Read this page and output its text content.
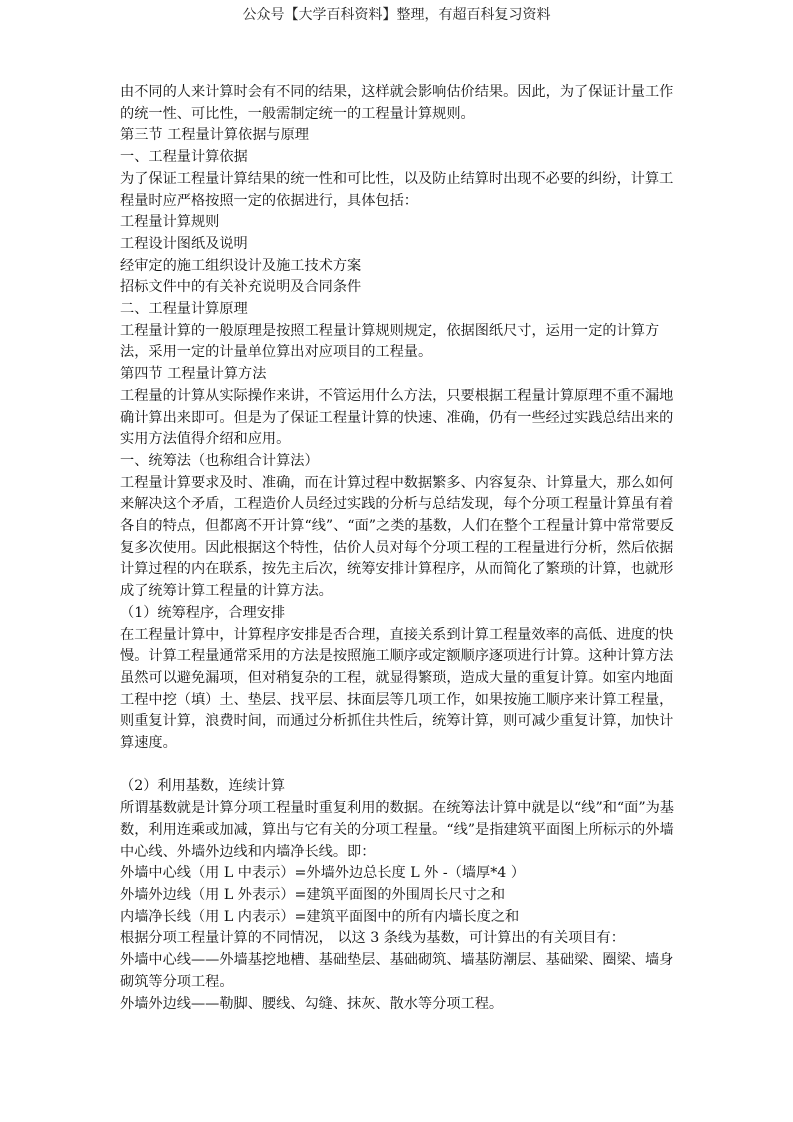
公众号【大学百科资料】整理，有超百科复习资料

由不同的人来计算时会有不同的结果，这样就会影响估价结果。因此，为了保证计量工作的统一性、可比性，一般需制定统一的工程量计算规则。

第三节 工程量计算依据与原理

一、工程量计算依据

为了保证工程量计算结果的统一性和可比性，以及防止结算时出现不必要的纠纷，计算工程量时应严格按照一定的依据进行，具体包括：

工程量计算规则

工程设计图纸及说明

经审定的施工组织设计及施工技术方案

招标文件中的有关补充说明及合同条件

二、工程量计算原理

工程量计算的一般原理是按照工程量计算规则规定，依据图纸尺寸，运用一定的计算方法，采用一定的计量单位算出对应项目的工程量。

第四节 工程量计算方法

工程量的计算从实际操作来讲，不管运用什么方法，只要根据工程量计算原理不重不漏地确计算出来即可。但是为了保证工程量计算的快速、准确，仍有一些经过实践总结出来的实用方法值得介绍和应用。

一、统筹法（也称组合计算法）

工程量计算要求及时、准确，而在计算过程中数据繁多、内容复杂、计算量大，那么如何来解决这个矛盾，工程造价人员经过实践的分析与总结发现，每个分项工程量计算虽有着各自的特点，但都离不开计算“线”、“面”之类的基数，人们在整个工程量计算中常常要反复多次使用。因此根据这个特性，估价人员对每个分项工程的工程量进行分析，然后依据计算过程的内在联系，按先主后次，统筹安排计算程序，从而简化了繁琐的计算，也就形成了统筹计算工程量的计算方法。

（1）统筹程序，合理安排

在工程量计算中，计算程序安排是否合理，直接关系到计算工程量效率的高低、进度的快慢。计算工程量通常采用的方法是按照施工顺序或定额顺序逐项进行计算。这种计算方法虽然可以避免漏项，但对稍复杂的工程，就显得繁琐，造成大量的重复计算。如室内地面工程中挖（填）土、垫层、找平层、抹面层等几项工作，如果按施工顺序来计算工程量，则重复计算，浪费时间，而通过分析抓住共性后，统筹计算，则可减少重复计算，加快计算速度。

（2）利用基数，连续计算

所谓基数就是计算分项工程量时重复利用的数据。在统筹法计算中就是以“线”和“面”为基数，利用连乘或加减，算出与它有关的分项工程量。“线”是指建筑平面图上所标示的外墙中心线、外墙外边线和内墙净长线。即：

外墙中心线（用 L 中表示）=外墙外边总长度 L 外 -（墙厚*4 ）

外墙外边线（用 L 外表示）=建筑平面图的外围周长尺寸之和

内墙净长线（用 L 内表示）=建筑平面图中的所有内墙长度之和

根据分项工程量计算的不同情况， 以这 3 条线为基数，可计算出的有关项目有：

外墙中心线——外墙基挖地槽、基础垫层、基础砌筑、墙基防潮层、基础梁、圈梁、墙身砌筑等分项工程。

外墙外边线——勒脚、腰线、勾缝、抹灰、散水等分项工程。
